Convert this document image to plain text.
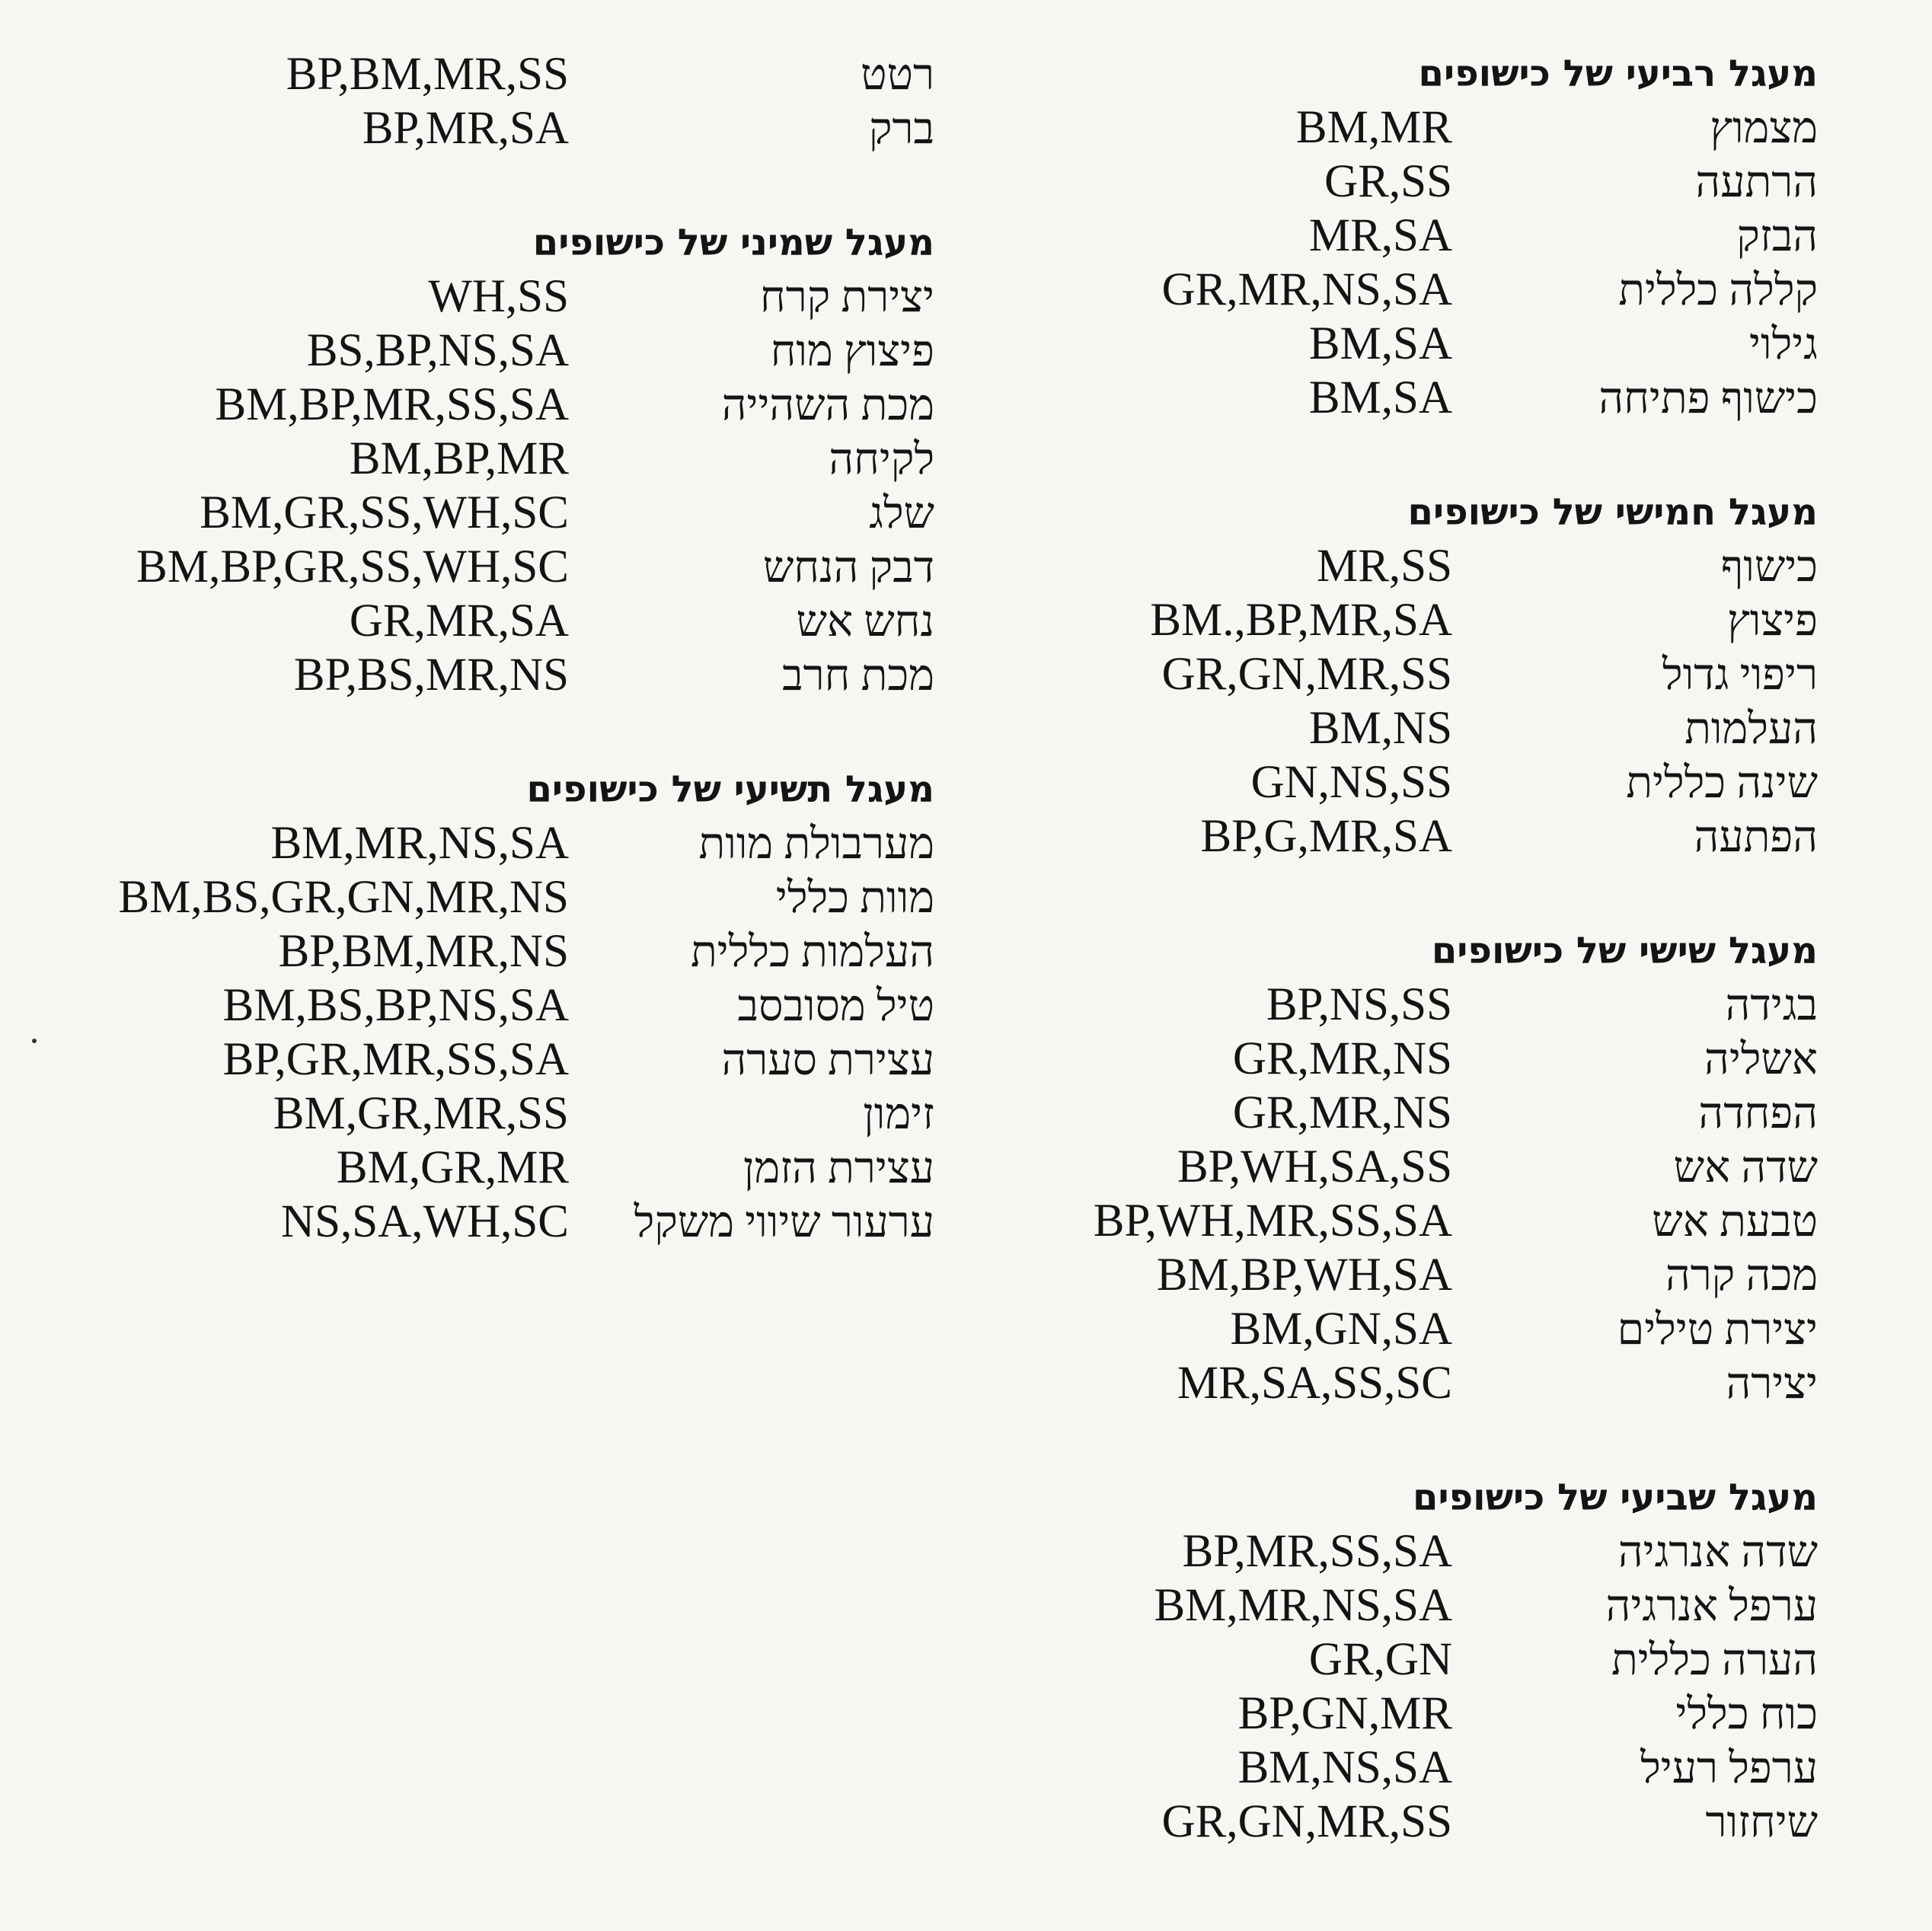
מעגל רביעי של כישופים
מצמוץ
BM,MR
הרתעה
GR,SS
הבזק
MR,SA
קללה כללית
GR,MR,NS,SA
גילוי
BM,SA
כישוף פתיחה
BM,SA
מעגל חמישי של כישופים
כישוף
MR,SS
פיצוץ
BM.,BP,MR,SA
ריפוי גדול
GR,GN,MR,SS
העלמות
BM,NS
שינה כללית
GN,NS,SS
הפתעה
BP,G,MR,SA
מעגל שישי של כישופים
בגידה
BP,NS,SS
אשליה
GR,MR,NS
הפחדה
GR,MR,NS
שדה אש
BP,WH,SA,SS
טבעת אש
BP,WH,MR,SS,SA
מכה קרה
BM,BP,WH,SA
יצירת טילים
BM,GN,SA
יצירה
MR,SA,SS,SC
מעגל שביעי של כישופים
שדה אנרגיה
BP,MR,SS,SA
ערפל אנרגיה
BM,MR,NS,SA
הערה כללית
GR,GN
כוח כללי
BP,GN,MR
ערפל רעיל
BM,NS,SA
שיחזור
GR,GN,MR,SS
רטט
BP,BM,MR,SS
ברק
BP,MR,SA
מעגל שמיני של כישופים
יצירת קרח
WH,SS
פיצוץ מוח
BS,BP,NS,SA
מכת השהייה
BM,BP,MR,SS,SA
לקיחה
BM,BP,MR
שלג
BM,GR,SS,WH,SC
דבק הנחש
BM,BP,GR,SS,WH,SC
נחש אש
GR,MR,SA
מכת חרב
BP,BS,MR,NS
מעגל תשיעי של כישופים
מערבולת מוות
BM,MR,NS,SA
מוות כללי
BM,BS,GR,GN,MR,NS
העלמות כללית
BP,BM,MR,NS
טיל מסובסב
BM,BS,BP,NS,SA
עצירת סערה
BP,GR,MR,SS,SA
זימון
BM,GR,MR,SS
עצירת הזמן
BM,GR,MR
ערעור שיווי משקל
NS,SA,WH,SC
